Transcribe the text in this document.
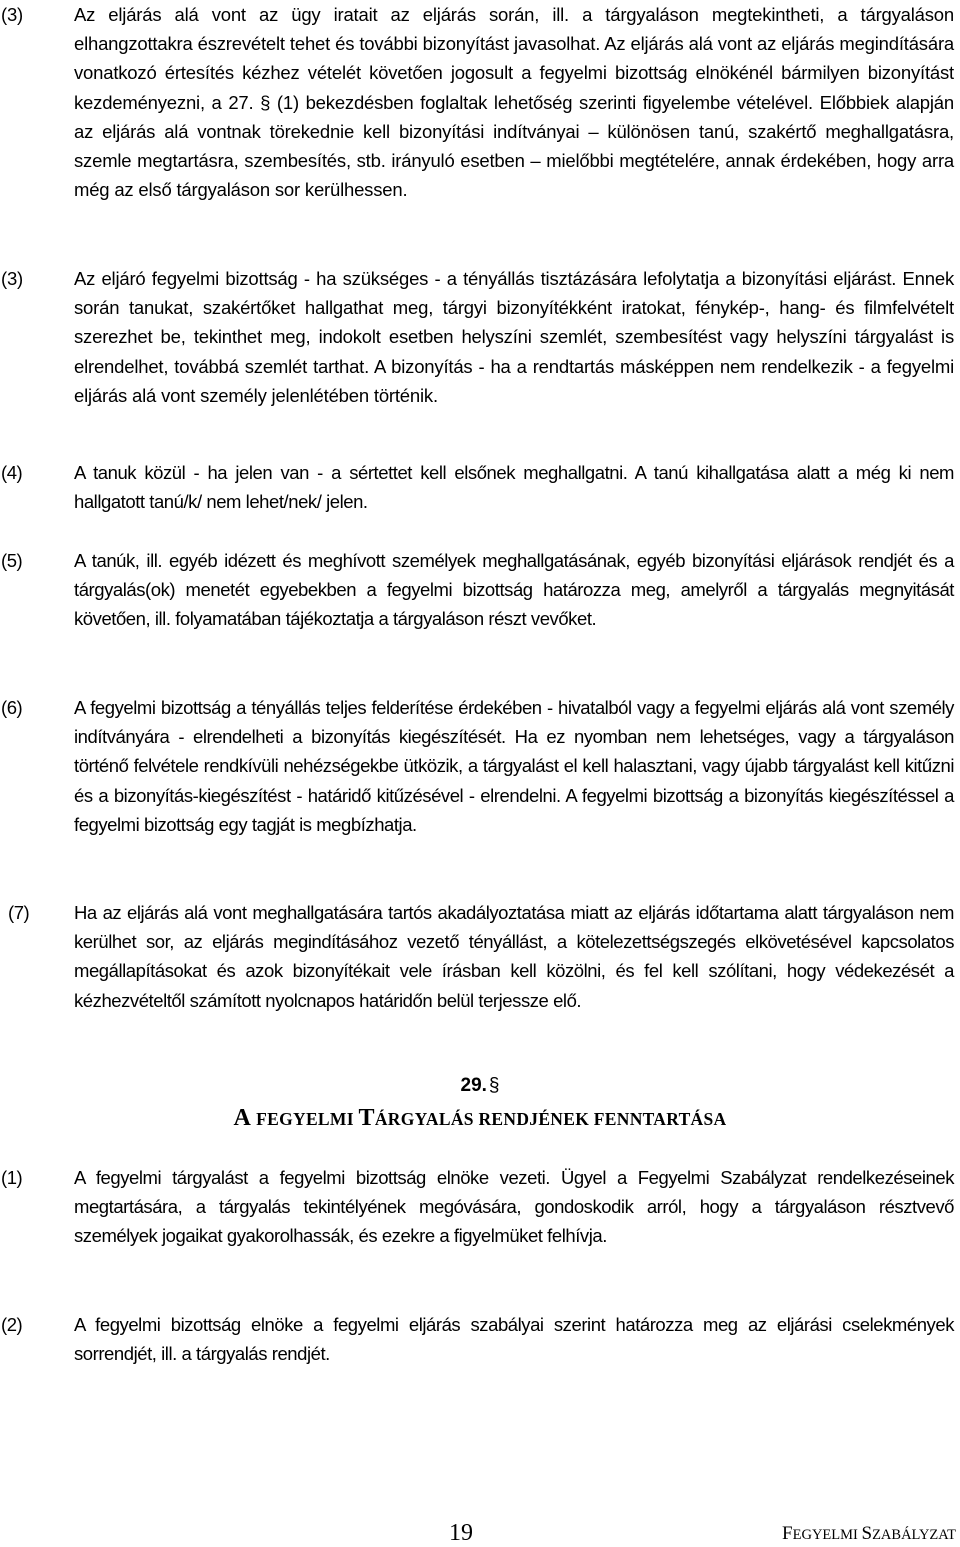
(3)	Az eljárás alá vont az ügy iratait az eljárás során, ill. a tárgyaláson megtekintheti, a tárgyaláson elhangzottakra észrevételt tehet és további bizonyítást javasolhat. Az eljárás alá vont az eljárás megindítására vonatkozó értesítés kézhez vételét követően jogosult a fegyelmi bizottság elnökénél bármilyen bizonyítást kezdeményezni, a 27. § (1) bekezdésben foglaltak lehetőség szerinti figyelembe vételével. Előbbiek alapján az eljárás alá vontnak törekednie kell bizonyítási indítványai – különösen tanú, szakértő meghallgatásra, szemle megtartásra, szembesítés, stb. irányuló esetben – mielőbbi megtételére, annak érdekében, hogy arra még az első tárgyaláson sor kerülhessen.
(3)	Az eljáró fegyelmi bizottság - ha szükséges - a tényállás tisztázására lefolytatja a bizonyítási eljárást. Ennek során tanukat, szakértőket hallgathat meg, tárgyi bizonyítékként iratokat, fénykép-, hang- és filmfelvételt szerezhet be, tekinthet meg, indokolt esetben helyszíni szemlét, szembesítést vagy helyszíni tárgyalást is elrendelhet, továbbá szemlét tarthat. A bizonyítás - ha a rendtartás másképpen nem rendelkezik - a fegyelmi eljárás alá vont személy jelenlétében történik.
(4)	A tanuk közül - ha jelen van - a sértettet kell elsőnek meghallgatni. A tanú kihallgatása alatt a még ki nem hallgatott tanú/k/ nem lehet/nek/ jelen.
(5)	A tanúk, ill. egyéb idézett és meghívott személyek meghallgatásának, egyéb bizonyítási eljárások rendjét és a tárgyalás(ok) menetét egyebekben a fegyelmi bizottság határozza meg, amelyről a tárgyalás megnyitását követően, ill. folyamatában tájékoztatja a tárgyaláson részt vevőket.
(6)	A fegyelmi bizottság a tényállás teljes felderítése érdekében - hivatalból vagy a fegyelmi eljárás alá vont személy indítványára - elrendelheti a bizonyítás kiegészítését. Ha ez nyomban nem lehetséges, vagy a tárgyaláson történő felvétele rendkívüli nehézségekbe ütközik, a tárgyalást el kell halasztani, vagy újabb tárgyalást kell kitűzni és a bizonyítás-kiegészítést - határidő kitűzésével - elrendelni. A fegyelmi bizottság a bizonyítás kiegészítéssel a fegyelmi bizottság egy tagját is megbízhatja.
(7)	Ha az eljárás alá vont meghallgatására tartós akadályoztatása miatt az eljárás időtartama alatt tárgyaláson nem kerülhet sor, az eljárás megindításához vezető tényállást, a kötelezettségszegés elkövetésével kapcsolatos megállapításokat és azok bizonyítékait vele írásban kell közölni, és fel kell szólítani, hogy védekezését a kézhezvételtől számított nyolcnapos határidőn belül terjessze elő.
29. §
A FEGYELMI TÁRGYALÁS RENDJÉNEK FENNTARTÁSA
(1)	A fegyelmi tárgyalást a fegyelmi bizottság elnöke vezeti. Ügyel a Fegyelmi Szabályzat rendelkezéseinek megtartására, a tárgyalás tekintélyének megóvására, gondoskodik arról, hogy a tárgyaláson résztvevő személyek jogaikat gyakorolhassák, és ezekre a figyelmüket felhívja.
(2)	A fegyelmi bizottság elnöke a fegyelmi eljárás szabályai szerint határozza meg az eljárási cselekmények sorrendjét, ill. a tárgyalás rendjét.
19	FEGYELMI SZABÁLYZAT
